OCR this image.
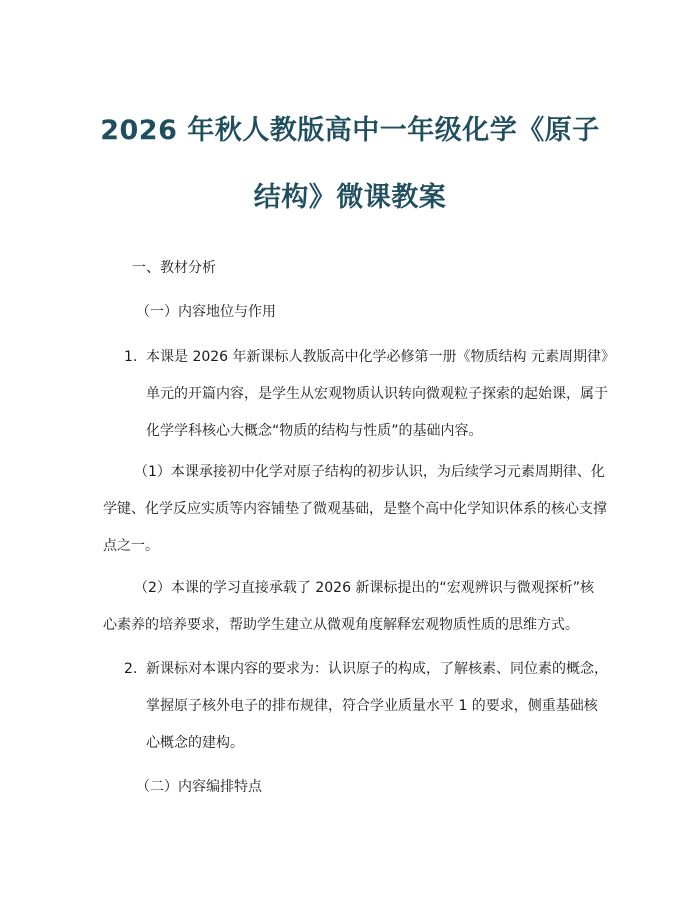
2026 年秋人教版高中一年级化学《原子
结构》微课教案
一、教材分析
（一）内容地位与作用
1. 本课是 2026 年新课标人教版高中化学必修第一册《物质结构 元素周期律》
单元的开篇内容，是学生从宏观物质认识转向微观粒子探索的起始课，属于
化学学科核心大概念“物质的结构与性质”的基础内容。
（1）本课承接初中化学对原子结构的初步认识，为后续学习元素周期律、化
学键、化学反应实质等内容铺垫了微观基础，是整个高中化学知识体系的核心支撑
点之一。
（2）本课的学习直接承载了 2026 新课标提出的“宏观辨识与微观探析”核
心素养的培养要求，帮助学生建立从微观角度解释宏观物质性质的思维方式。
2. 新课标对本课内容的要求为：认识原子的构成，了解核素、同位素的概念，
掌握原子核外电子的排布规律，符合学业质量水平 1 的要求，侧重基础核
心概念的建构。
（二）内容编排特点
